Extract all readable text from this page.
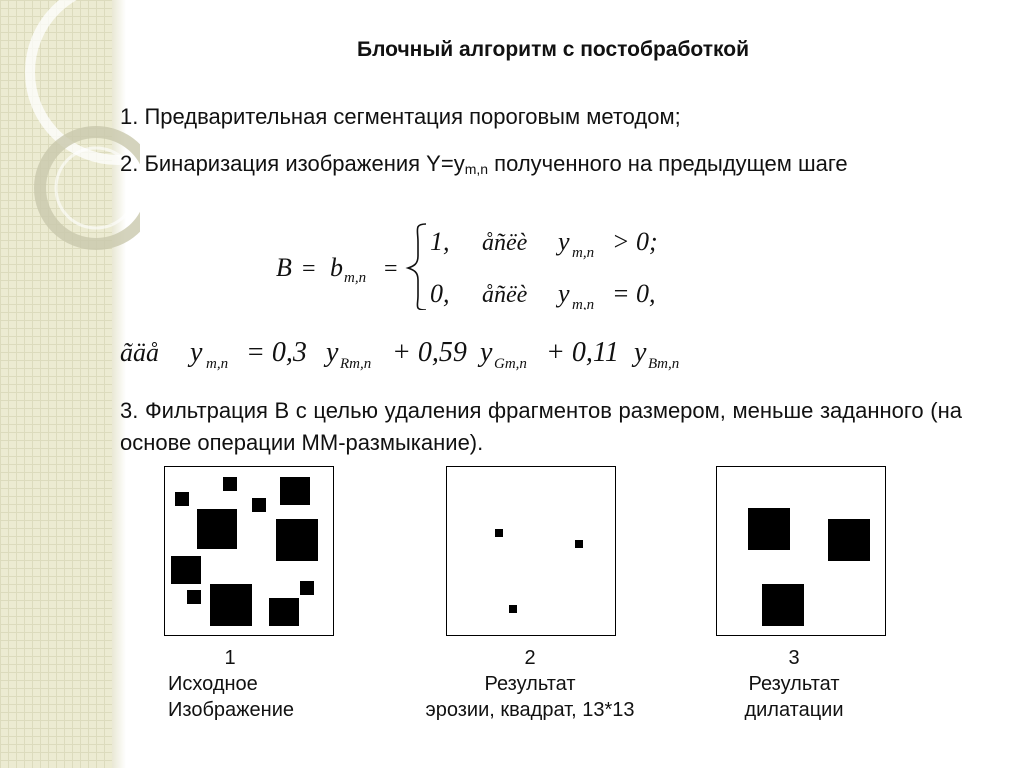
Блочный алгоритм с постобработкой
1. Предварительная сегментация пороговым методом;
2. Бинаризация изображения $Y=y_{m,n}$ полученного на предыдущем шаге
B = b m,n =
1, åñëè y m,n > 0;
0, åñëè y m,n = 0,
ãäå y m,n = 0,3 y Rm,n + 0,59 y Gm,n + 0,11 y Bm,n
3. Фильтрация B с целью удаления фрагментов размером, меньше заданного (на основе операции ММ-размыкание).
1
Исходное
Изображение
2
Результат
эрозии, квадрат, 13*13
3
Результат
дилатации
